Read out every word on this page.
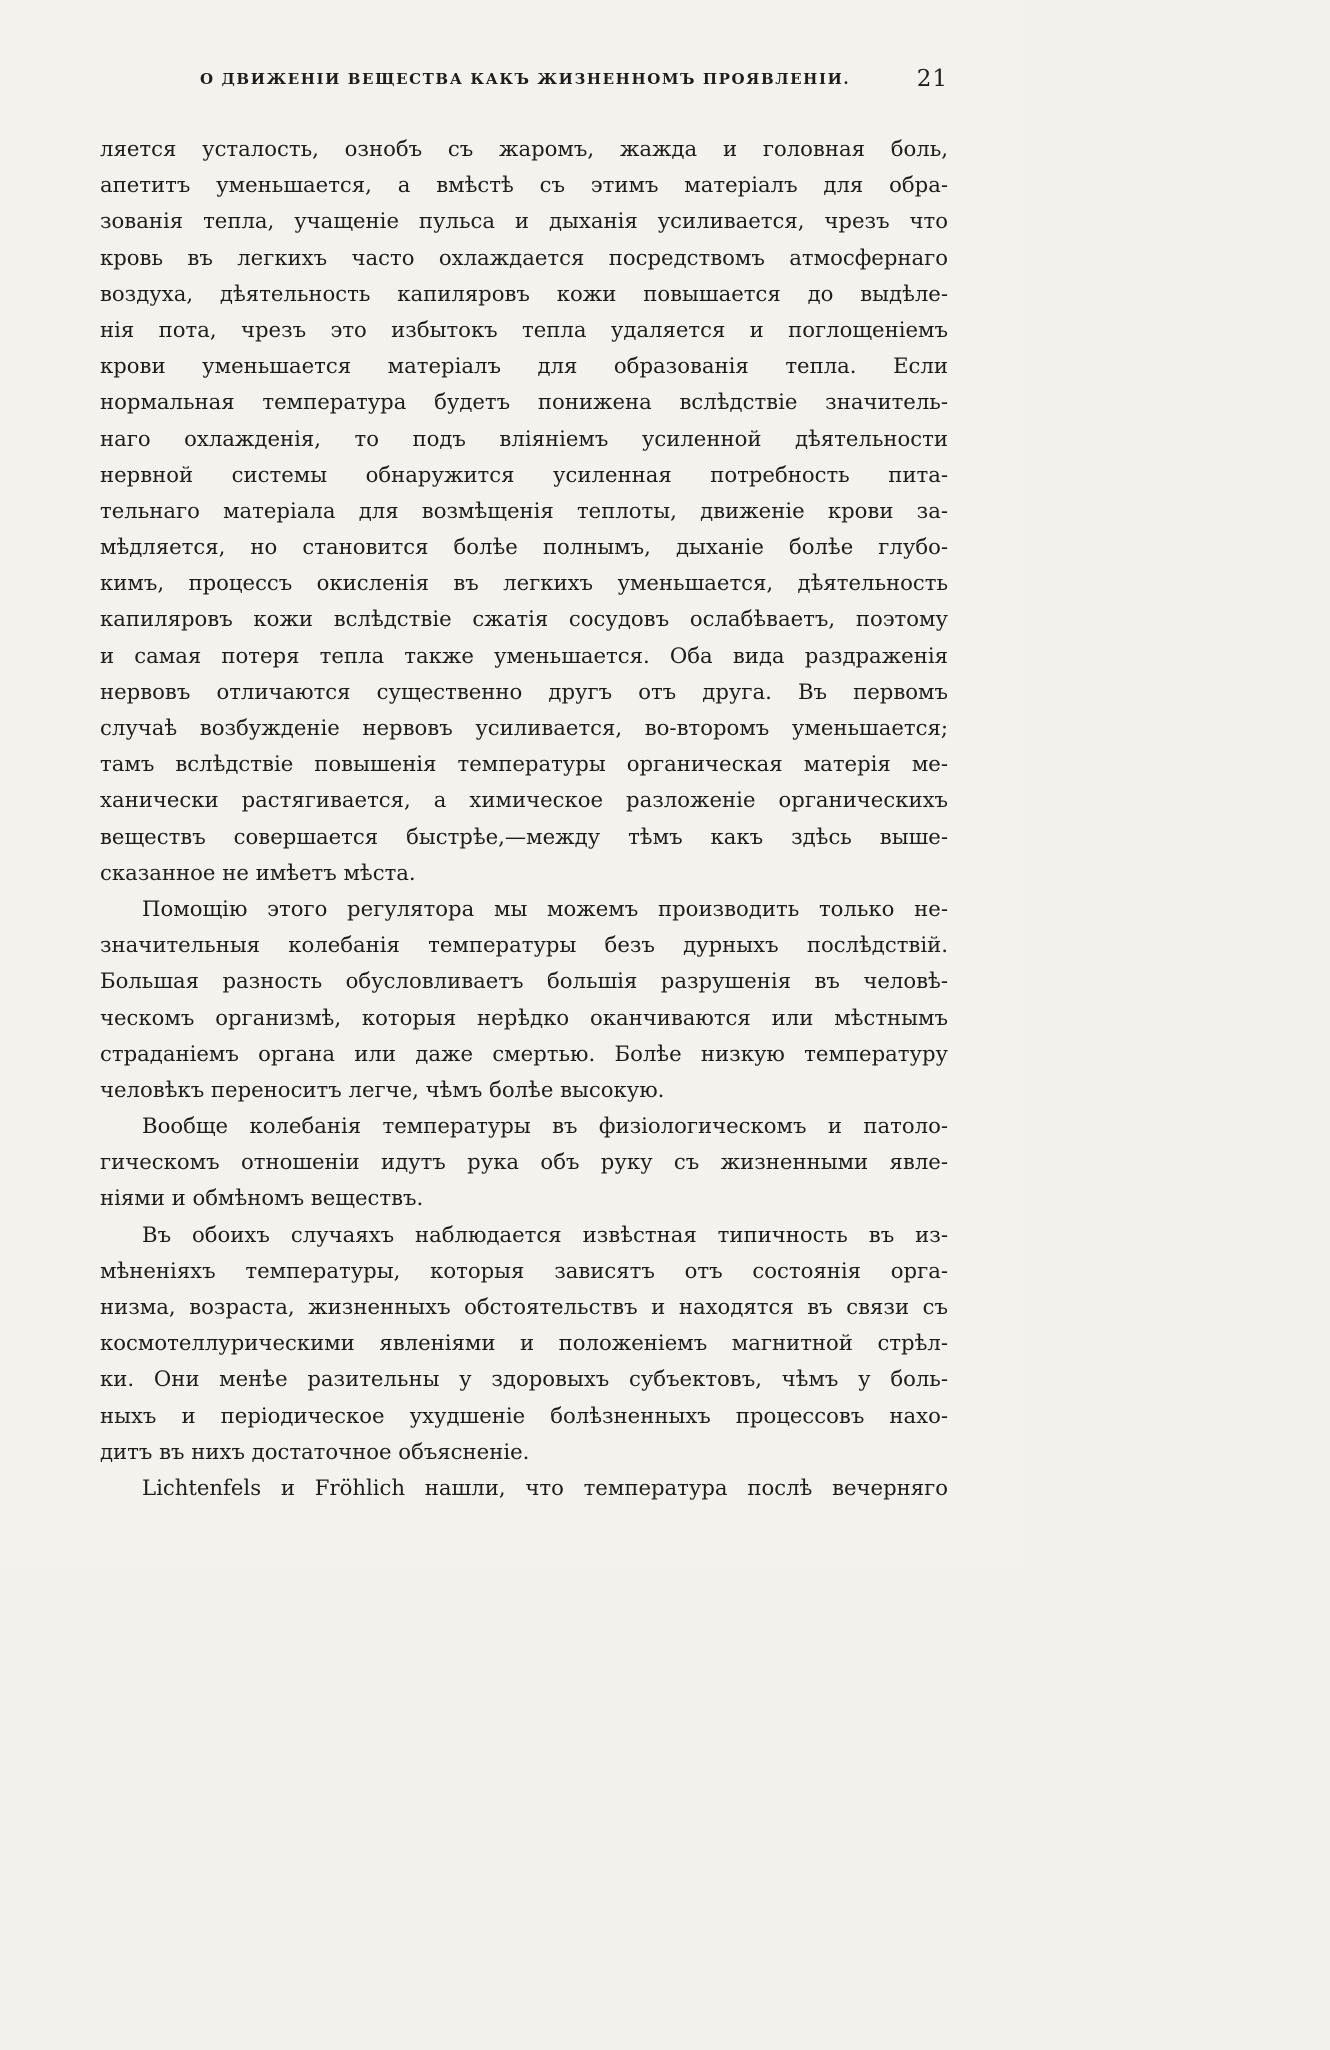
О ДВИЖЕНІИ ВЕЩЕСТВА КАКЪ ЖИЗНЕННОМЪ ПРОЯВЛЕНІИ.	21
ляется усталость, ознобъ съ жаромъ, жажда и головная боль,
апетитъ уменьшается, а вмѣстѣ съ этимъ матеріалъ для обра-
зованія тепла, учащеніе пульса и дыханія усиливается, чрезъ что
кровь въ легкихъ часто охлаждается посредствомъ атмосфернаго
воздуха, дѣятельность капиляровъ кожи повышается до выдѣле-
нія пота, чрезъ это избытокъ тепла удаляется и поглощеніемъ
крови уменьшается матеріалъ для образованія тепла. Если
нормальная температура будетъ понижена вслѣдствіе значитель-
наго охлажденія, то подъ вліяніемъ усиленной дѣятельности
нервной системы обнаружится усиленная потребность пита-
тельнаго матеріала для возмѣщенія теплоты, движеніе крови за-
мѣдляется, но становится болѣе полнымъ, дыханіе болѣе глубо-
кимъ, процессъ окисленія въ легкихъ уменьшается, дѣятельность
капиляровъ кожи вслѣдствіе сжатія сосудовъ ослабѣваетъ, поэтому
и самая потеря тепла также уменьшается. Оба вида раздраженія
нервовъ отличаются существенно другъ отъ друга. Въ первомъ
случаѣ возбужденіе нервовъ усиливается, во-второмъ уменьшается;
тамъ вслѣдствіе повышенія температуры органическая матерія ме-
ханически растягивается, а химическое разложеніе органическихъ
веществъ совершается быстрѣе,—между тѣмъ какъ здѣсь выше-
сказанное не имѣетъ мѣста.
Помощію этого регулятора мы можемъ производить только не-
значительныя колебанія температуры безъ дурныхъ послѣдствій.
Большая разность обусловливаетъ большія разрушенія въ человѣ-
ческомъ организмѣ, которыя нерѣдко оканчиваются или мѣстнымъ
страданіемъ органа или даже смертью. Болѣе низкую температуру
человѣкъ переноситъ легче, чѣмъ болѣе высокую.
Вообще колебанія температуры въ физіологическомъ и патоло-
гическомъ отношеніи идутъ рука объ руку съ жизненными явле-
ніями и обмѣномъ веществъ.
Въ обоихъ случаяхъ наблюдается извѣстная типичность въ из-
мѣненіяхъ температуры, которыя зависятъ отъ состоянія орга-
низма, возраста, жизненныхъ обстоятельствъ и находятся въ связи съ
космотеллурическими явленіями и положеніемъ магнитной стрѣл-
ки. Они менѣе разительны у здоровыхъ субъектовъ, чѣмъ у боль-
ныхъ и періодическое ухудшеніе болѣзненныхъ процессовъ нахо-
дитъ въ нихъ достаточное объясненіе.
Lichtenfels и Fröhlich нашли, что температура послѣ вечерняго
